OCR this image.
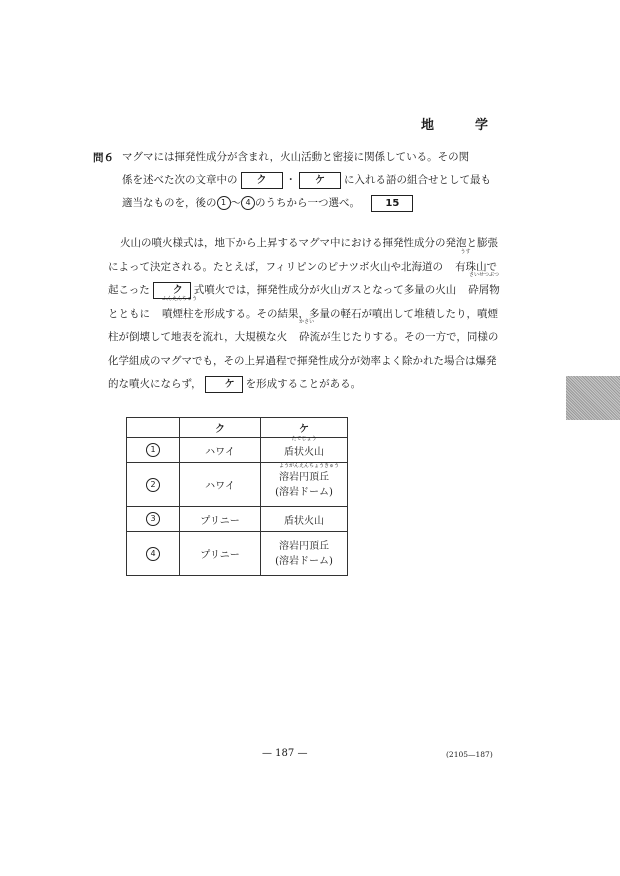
地　学
問６ マグマには揮発性成分が含まれ，火山活動と密接に関係している。その関
係を述べた次の文章中の ク ・ ケ に入れる語の組合せとして最も
適当なものを，後の 1 ～ 4 のうちから一つ選べ。	15
火山の噴火様式は，地下から上昇するマグマ中における揮発性成分の発泡と膨張によって決定される。たとえば，フィリピンのピナツボ火山や北海道の
うす
有珠山で起こった ク 式噴火では，揮発性成分が火山ガスとなって多量の火山
さいせつぶつ
砕屑物とともに
ふんえんちゅう
噴煙柱を形成する。その結果，多量の軽石が噴出して堆積したり，噴煙柱が倒壊して地表を流れ，大規模な火
かさい
砕流が生じたりする。その一方で，同様の化学組成のマグマでも，その上昇過程で揮発性成分が効率よく除かれた場合は爆発的な噴火にならず， ケ を形成することがある。
	ク	ケ
1	ハワイ	たてじょう
盾状火山
2	ハワイ	ようがんえんちょうきゅう
溶岩円頂丘
(溶岩ドーム)
3	プリニー	盾状火山
4	プリニー	溶岩円頂丘
(溶岩ドーム)
— 187 —	(2105—187)
